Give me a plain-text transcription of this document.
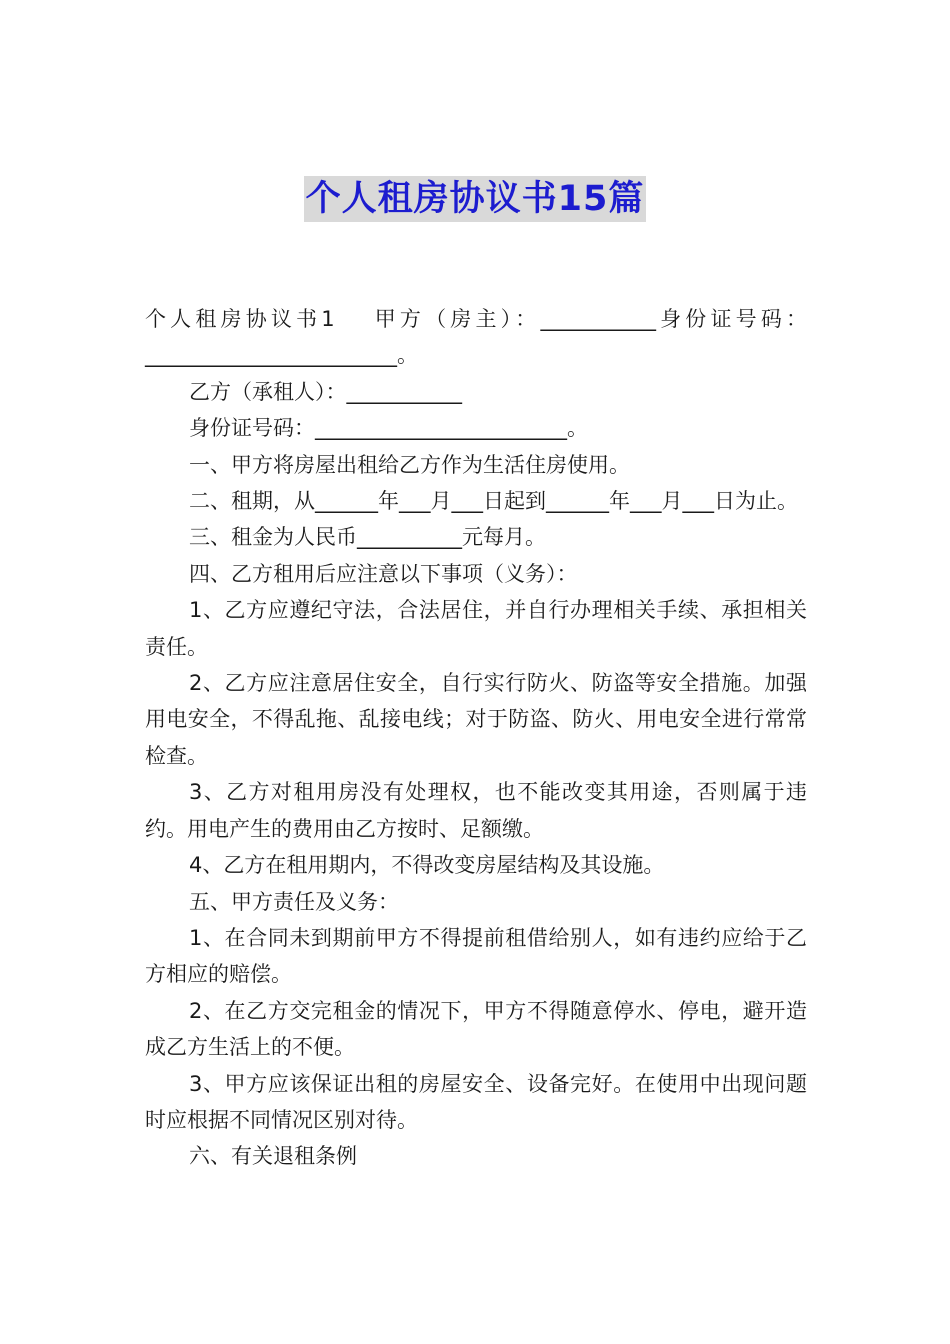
个人租房协议书15篇

个人租房协议书1 甲方（房主）：___________身份证号码：________________________。

乙方（承租人）：___________

身份证号码：________________________。

一、甲方将房屋出租给乙方作为生活住房使用。

二、租期，从______年___月___日起到______年___月___日为止。

三、租金为人民币__________元每月。

四、乙方租用后应注意以下事项（义务）：

1、乙方应遵纪守法，合法居住，并自行办理相关手续、承担相关责任。

2、乙方应注意居住安全，自行实行防火、防盗等安全措施。加强用电安全，不得乱拖、乱接电线；对于防盗、防火、用电安全进行常常检查。

3、乙方对租用房没有处理权，也不能改变其用途，否则属于违约。用电产生的费用由乙方按时、足额缴。

4、乙方在租用期内，不得改变房屋结构及其设施。

五、甲方责任及义务：

1、在合同未到期前甲方不得提前租借给别人，如有违约应给于乙方相应的赔偿。

2、在乙方交完租金的情况下，甲方不得随意停水、停电，避开造成乙方生活上的不便。

3、甲方应该保证出租的房屋安全、设备完好。在使用中出现问题时应根据不同情况区别对待。

六、有关退租条例
